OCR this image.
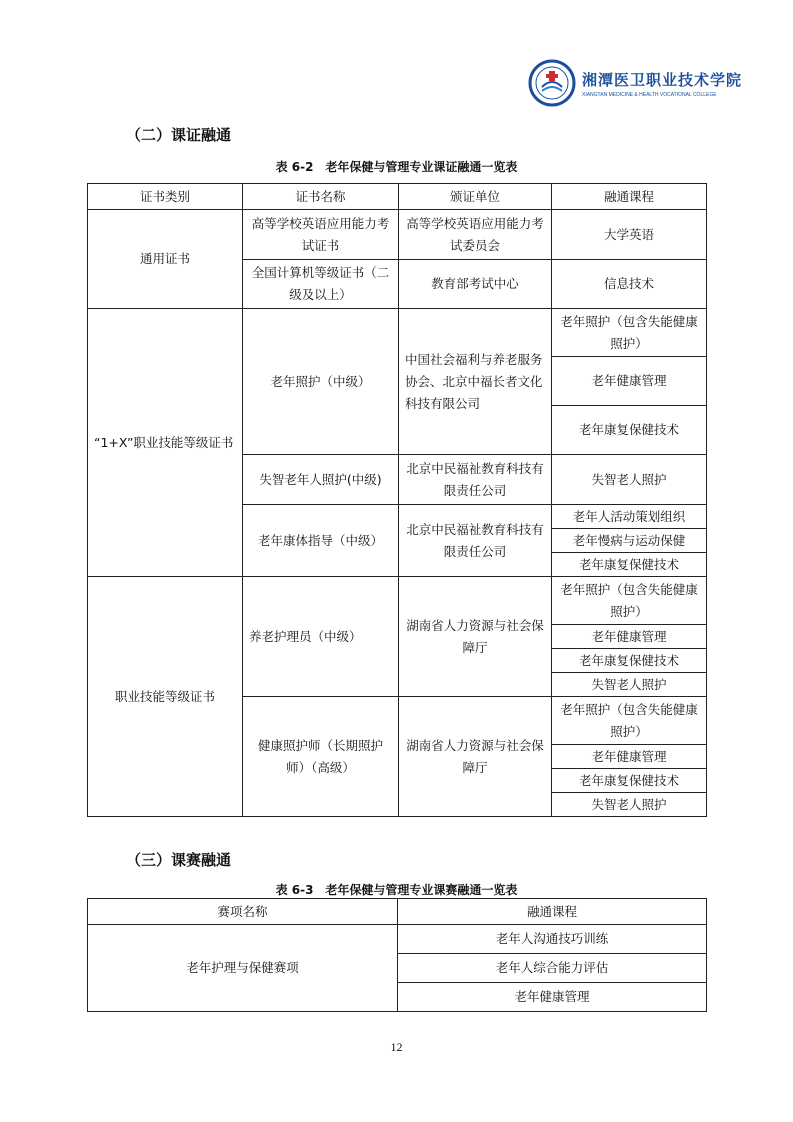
湘潭医卫职业技术学院
XIANGTAN MEDICINE & HEALTH VOCATIONAL COLLEGE
（二）课证融通
表 6-2　老年保健与管理专业课证融通一览表
证书类别	证书名称	颁证单位	融通课程
通用证书	高等学校英语应用能力考试证书	高等学校英语应用能力考试委员会	大学英语
	全国计算机等级证书（二级及以上）	教育部考试中心	信息技术
“1+X”职业技能等级证书	老年照护（中级）	中国社会福利与养老服务协会、北京中福长者文化科技有限公司	老年照护（包含失能健康照护）
			老年健康管理
			老年康复保健技术
	失智老年人照护(中级)	北京中民福祉教育科技有限责任公司	失智老人照护
	老年康体指导（中级）	北京中民福祉教育科技有限责任公司	老年人活动策划组织
			老年慢病与运动保健
			老年康复保健技术
职业技能等级证书	养老护理员（中级）	湖南省人力资源与社会保障厅	老年照护（包含失能健康照护）
			老年健康管理
			老年康复保健技术
			失智老人照护
	健康照护师（长期照护师）（高级）	湖南省人力资源与社会保障厅	老年照护（包含失能健康照护）
			老年健康管理
			老年康复保健技术
			失智老人照护
（三）课赛融通
表 6-3　老年保健与管理专业课赛融通一览表
赛项名称	融通课程
老年护理与保健赛项	老年人沟通技巧训练
	老年人综合能力评估
	老年健康管理
12
